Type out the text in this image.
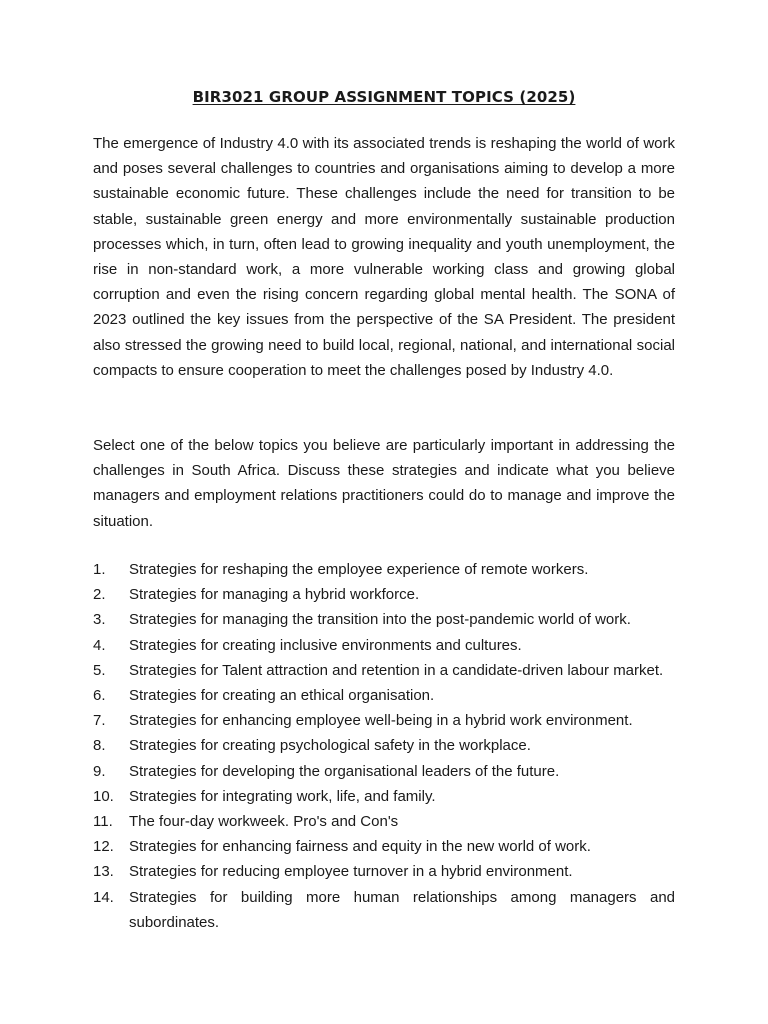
BIR3021 GROUP ASSIGNMENT TOPICS (2025)

The emergence of Industry 4.0 with its associated trends is reshaping the world of work and poses several challenges to countries and organisations aiming to develop a more sustainable economic future. These challenges include the need for transition to be stable, sustainable green energy and more environmentally sustainable production processes which, in turn, often lead to growing inequality and youth unemployment, the rise in non-standard work, a more vulnerable working class and growing global corruption and even the rising concern regarding global mental health. The SONA of 2023 outlined the key issues from the perspective of the SA President. The president also stressed the growing need to build local, regional, national, and international social compacts to ensure cooperation to meet the challenges posed by Industry 4.0.

Select one of the below topics you believe are particularly important in addressing the challenges in South Africa. Discuss these strategies and indicate what you believe managers and employment relations practitioners could do to manage and improve the situation.

1.	Strategies for reshaping the employee experience of remote workers.
2.	Strategies for managing a hybrid workforce.
3.	Strategies for managing the transition into the post-pandemic world of work.
4.	Strategies for creating inclusive environments and cultures.
5.	Strategies for Talent attraction and retention in a candidate-driven labour market.
6.	Strategies for creating an ethical organisation.
7.	Strategies for enhancing employee well-being in a hybrid work environment.
8.	Strategies for creating psychological safety in the workplace.
9.	Strategies for developing the organisational leaders of the future.
10.	Strategies for integrating work, life, and family.
11.	The four-day workweek. Pro's and Con's
12.	Strategies for enhancing fairness and equity in the new world of work.
13.	Strategies for reducing employee turnover in a hybrid environment.
14.	Strategies for building more human relationships among managers and subordinates.
